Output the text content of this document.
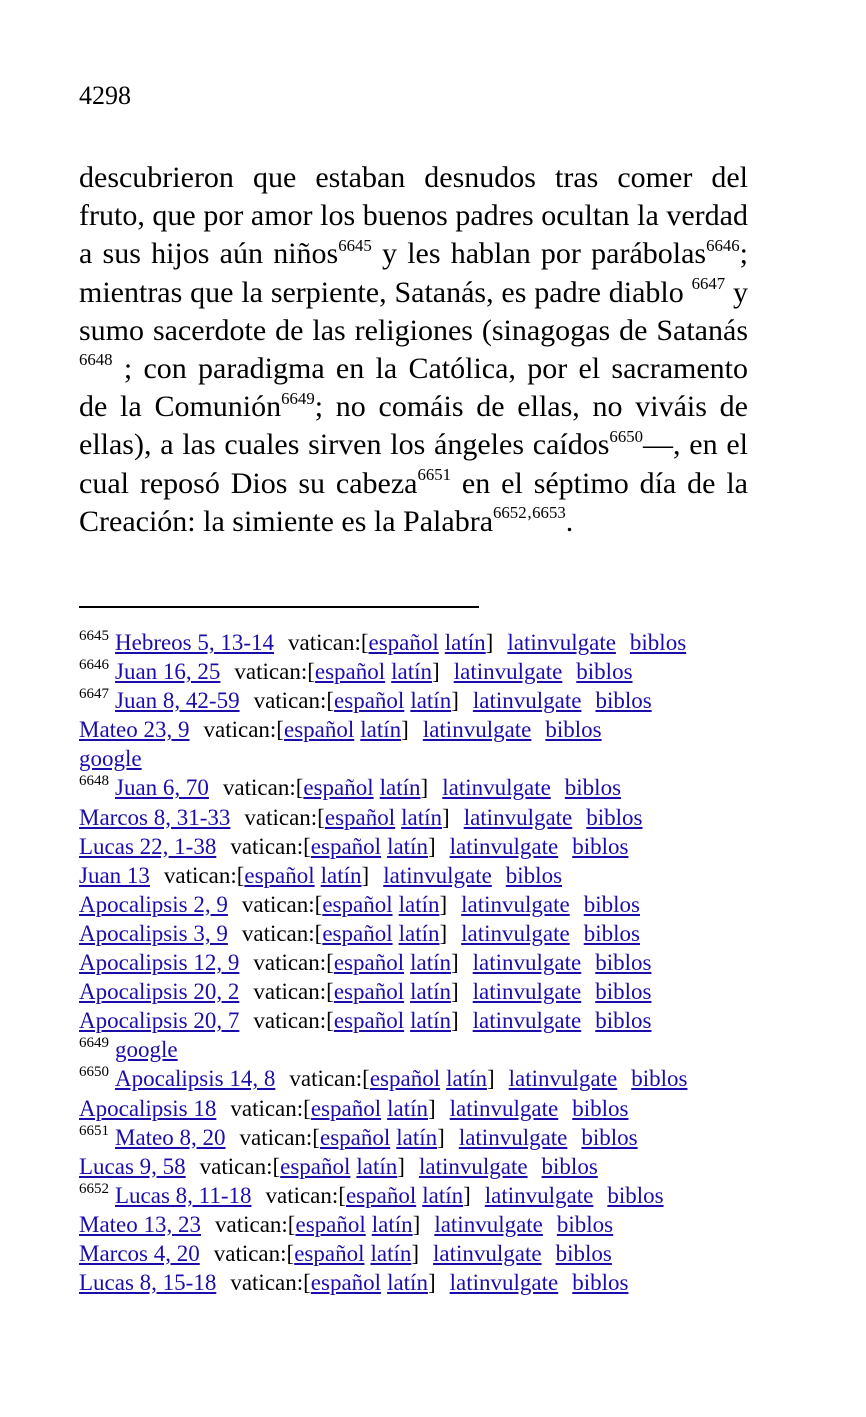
4298

descubrieron que estaban desnudos tras comer del fruto, que por amor los buenos padres ocultan la verdad a sus hijos aún niños$^{6645}$ y les hablan por parábolas$^{6646}$; mientras que la serpiente, Satanás, es padre diablo $^{6647}$ y sumo sacerdote de las religiones (sinagogas de Satanás $^{6648}$ ; con paradigma en la Católica, por el sacramento de la Comunión$^{6649}$; no comáis de ellas, no viváis de ellas), a las cuales sirven los ángeles caídos$^{6650}$—, en el cual reposó Dios su cabeza$^{6651}$ en el séptimo día de la Creación: la simiente es la Palabra$^{6652‚6653}$.

$^{6645}$ Hebreos 5, 13-14 vatican:[español latín] latinvulgate biblos
$^{6646}$ Juan 16, 25 vatican:[español latín] latinvulgate biblos
$^{6647}$ Juan 8, 42-59 vatican:[español latín] latinvulgate biblos
Mateo 23, 9 vatican:[español latín] latinvulgate biblos
google
$^{6648}$ Juan 6, 70 vatican:[español latín] latinvulgate biblos
Marcos 8, 31-33 vatican:[español latín] latinvulgate biblos
Lucas 22, 1-38 vatican:[español latín] latinvulgate biblos
Juan 13 vatican:[español latín] latinvulgate biblos
Apocalipsis 2, 9 vatican:[español latín] latinvulgate biblos
Apocalipsis 3, 9 vatican:[español latín] latinvulgate biblos
Apocalipsis 12, 9 vatican:[español latín] latinvulgate biblos
Apocalipsis 20, 2 vatican:[español latín] latinvulgate biblos
Apocalipsis 20, 7 vatican:[español latín] latinvulgate biblos
$^{6649}$ google
$^{6650}$ Apocalipsis 14, 8 vatican:[español latín] latinvulgate biblos
Apocalipsis 18 vatican:[español latín] latinvulgate biblos
$^{6651}$ Mateo 8, 20 vatican:[español latín] latinvulgate biblos
Lucas 9, 58 vatican:[español latín] latinvulgate biblos
$^{6652}$ Lucas 8, 11-18 vatican:[español latín] latinvulgate biblos
Mateo 13, 23 vatican:[español latín] latinvulgate biblos
Marcos 4, 20 vatican:[español latín] latinvulgate biblos
Lucas 8, 15-18 vatican:[español latín] latinvulgate biblos
